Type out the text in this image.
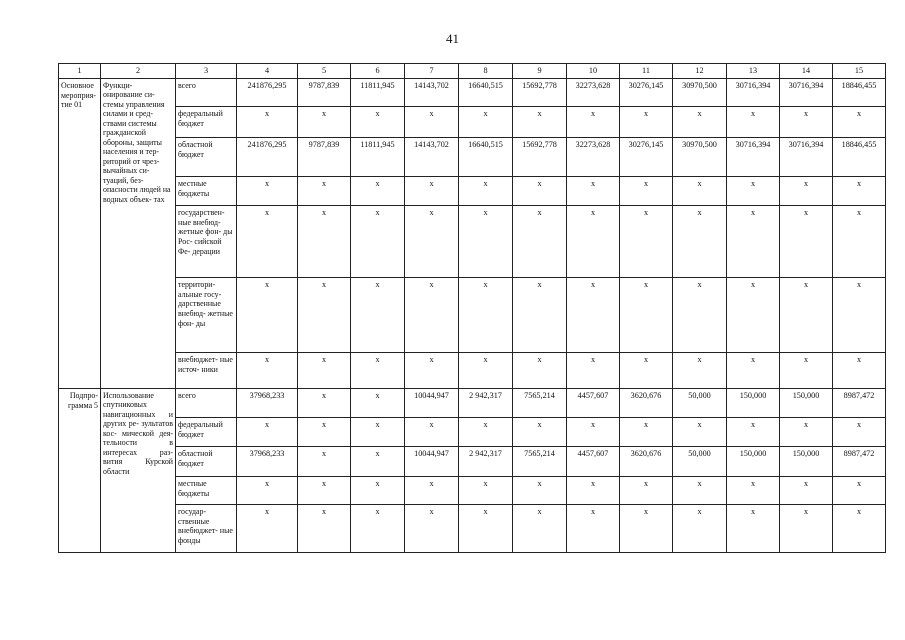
41
1	2	3	4	5	6	7	8	9	10	11	12	13	14	15
Основное мероприя- тие 01	Функци- онирование си- стемы управления силами и сред- ствами системы гражданской обороны, защиты населения и тер- риторий от чрез- вычайных си- туаций, без- опасности людей на водных объек- тах	всего	241876,295	9787,839	11811,945	14143,702	16640,515	15692,778	32273,628	30276,145	30970,500	30716,394	30716,394	18846,455
		федеральный бюджет	x	x	x	x	x	x	x	x	x	x	x	x
		областной бюджет	241876,295	9787,839	11811,945	14143,702	16640,515	15692,778	32273,628	30276,145	30970,500	30716,394	30716,394	18846,455
		местные бюджеты	x	x	x	x	x	x	x	x	x	x	x	x
		государствен- ные внебюд- жетные фон- ды Рос- сийской Фе- дерации	x	x	x	x	x	x	x	x	x	x	x	x
		территори- альные госу- дарственные внебюд- жетные фон- ды	x	x	x	x	x	x	x	x	x	x	x	x
		внебюджет- ные источ- ники	x	x	x	x	x	x	x	x	x	x	x	x
Подпро- грамма 5	Использование спутниковых навигационных и других ре- зультатов кос- мической дея- тельности в интересах раз- вития Курской области	всего	37968,233	x	x	10044,947	2 942,317	7565,214	4457,607	3620,676	50,000	150,000	150,000	8987,472
		федеральный бюджет	x	x	x	x	x	x	x	x	x	x	x	x
		областной бюджет	37968,233	x	x	10044,947	2 942,317	7565,214	4457,607	3620,676	50,000	150,000	150,000	8987,472
		местные бюджеты	x	x	x	x	x	x	x	x	x	x	x	x
		государ- ственные внебюджет- ные фонды	x	x	x	x	x	x	x	x	x	x	x	x
